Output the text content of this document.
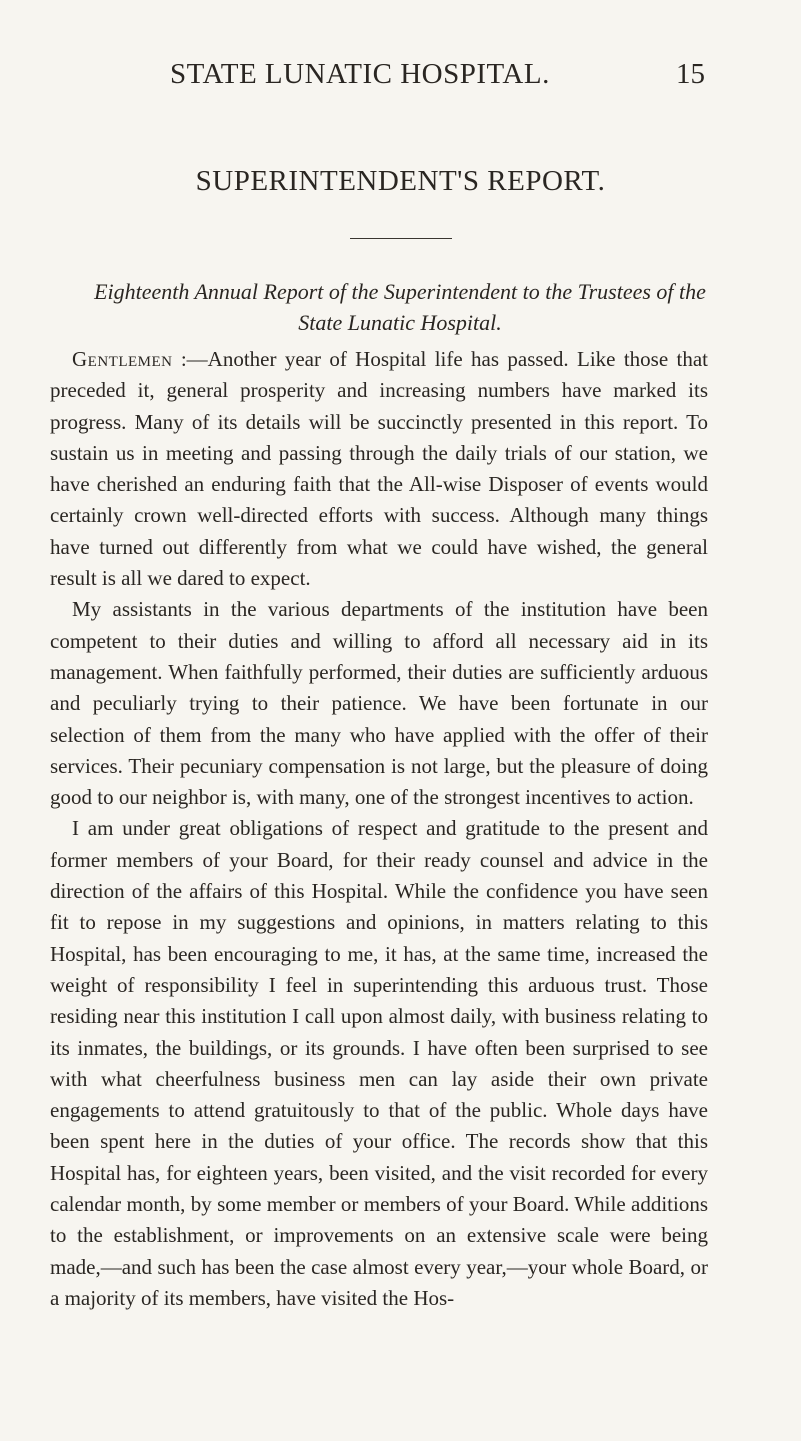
STATE LUNATIC HOSPITAL.	15
SUPERINTENDENT'S REPORT.
Eighteenth Annual Report of the Superintendent to the Trustees of the
State Lunatic Hospital.

Gentlemen :—Another year of Hospital life has passed. Like those that preceded it, general prosperity and increasing numbers have marked its progress. Many of its details will be succinctly presented in this report. To sustain us in meeting and passing through the daily trials of our station, we have cherished an enduring faith that the All-wise Disposer of events would certainly crown well-directed efforts with success. Although many things have turned out differently from what we could have wished, the general result is all we dared to expect.

My assistants in the various departments of the institution have been competent to their duties and willing to afford all necessary aid in its management. When faithfully performed, their duties are sufficiently arduous and peculiarly trying to their patience. We have been fortunate in our selection of them from the many who have applied with the offer of their services. Their pecuniary compensation is not large, but the pleasure of doing good to our neighbor is, with many, one of the strongest incentives to action.

I am under great obligations of respect and gratitude to the present and former members of your Board, for their ready counsel and advice in the direction of the affairs of this Hospital. While the confidence you have seen fit to repose in my suggestions and opinions, in matters relating to this Hospital, has been encouraging to me, it has, at the same time, increased the weight of responsibility I feel in superintending this arduous trust. Those residing near this institution I call upon almost daily, with business relating to its inmates, the buildings, or its grounds. I have often been surprised to see with what cheerfulness business men can lay aside their own private engagements to attend gratuitously to that of the public. Whole days have been spent here in the duties of your office. The records show that this Hospital has, for eighteen years, been visited, and the visit recorded for every calendar month, by some member or members of your Board. While additions to the establishment, or improvements on an extensive scale were being made,—and such has been the case almost every year,—your whole Board, or a majority of its members, have visited the Hos-
